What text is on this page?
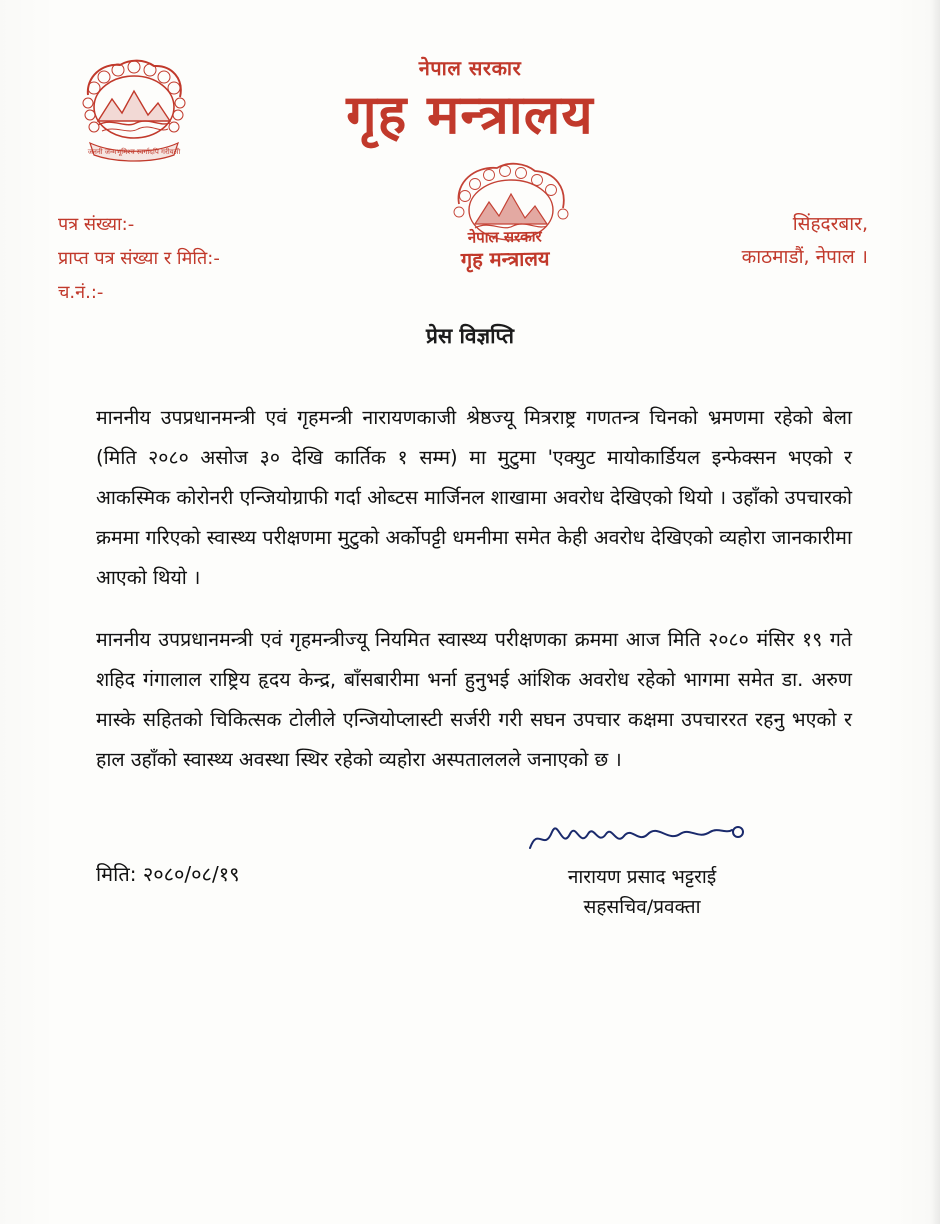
जननी जन्मभूमिश्च स्वर्गादपि गरीयसी
नेपाल सरकार
गृह मन्त्रालय
नेपाल सरकार
गृह मन्त्रालय
पत्र संख्या:-
प्राप्त पत्र संख्या र मिति:-
च.नं.:-
सिंहदरबार,
काठमाडौं, नेपाल ।
प्रेस विज्ञप्ति

माननीय उपप्रधानमन्त्री एवं गृहमन्त्री नारायणकाजी श्रेष्ठज्यू मित्रराष्ट्र गणतन्त्र चिनको भ्रमणमा रहेको बेला (मिति २०८० असोज ३० देखि कार्तिक १ सम्म) मा मुटुमा 'एक्युट मायोकार्डियल इन्फेक्सन भएको र आकस्मिक कोरोनरी एन्जियोग्राफी गर्दा ओब्टस मार्जिनल शाखामा अवरोध देखिएको थियो । उहाँको उपचारको क्रममा गरिएको स्वास्थ्य परीक्षणमा मुटुको अर्कोपट्टी धमनीमा समेत केही अवरोध देखिएको व्यहोरा जानकारीमा आएको थियो ।

माननीय उपप्रधानमन्त्री एवं गृहमन्त्रीज्यू नियमित स्वास्थ्य परीक्षणका क्रममा आज मिति २०८० मंसिर १९ गते शहिद गंगालाल राष्ट्रिय हृदय केन्द्र, बाँसबारीमा भर्ना हुनुभई आंशिक अवरोध रहेको भागमा समेत डा. अरुण मास्के सहितको चिकित्सक टोलीले एन्जियोप्लास्टी सर्जरी गरी सघन उपचार कक्षमा उपचाररत रहनु भएको र हाल उहाँको स्वास्थ्य अवस्था स्थिर रहेको व्यहोरा अस्पताललले जनाएको छ ।

मिति: २०८०/०८/१९	नारायण प्रसाद भट्टराई
सहसचिव/प्रवक्ता
